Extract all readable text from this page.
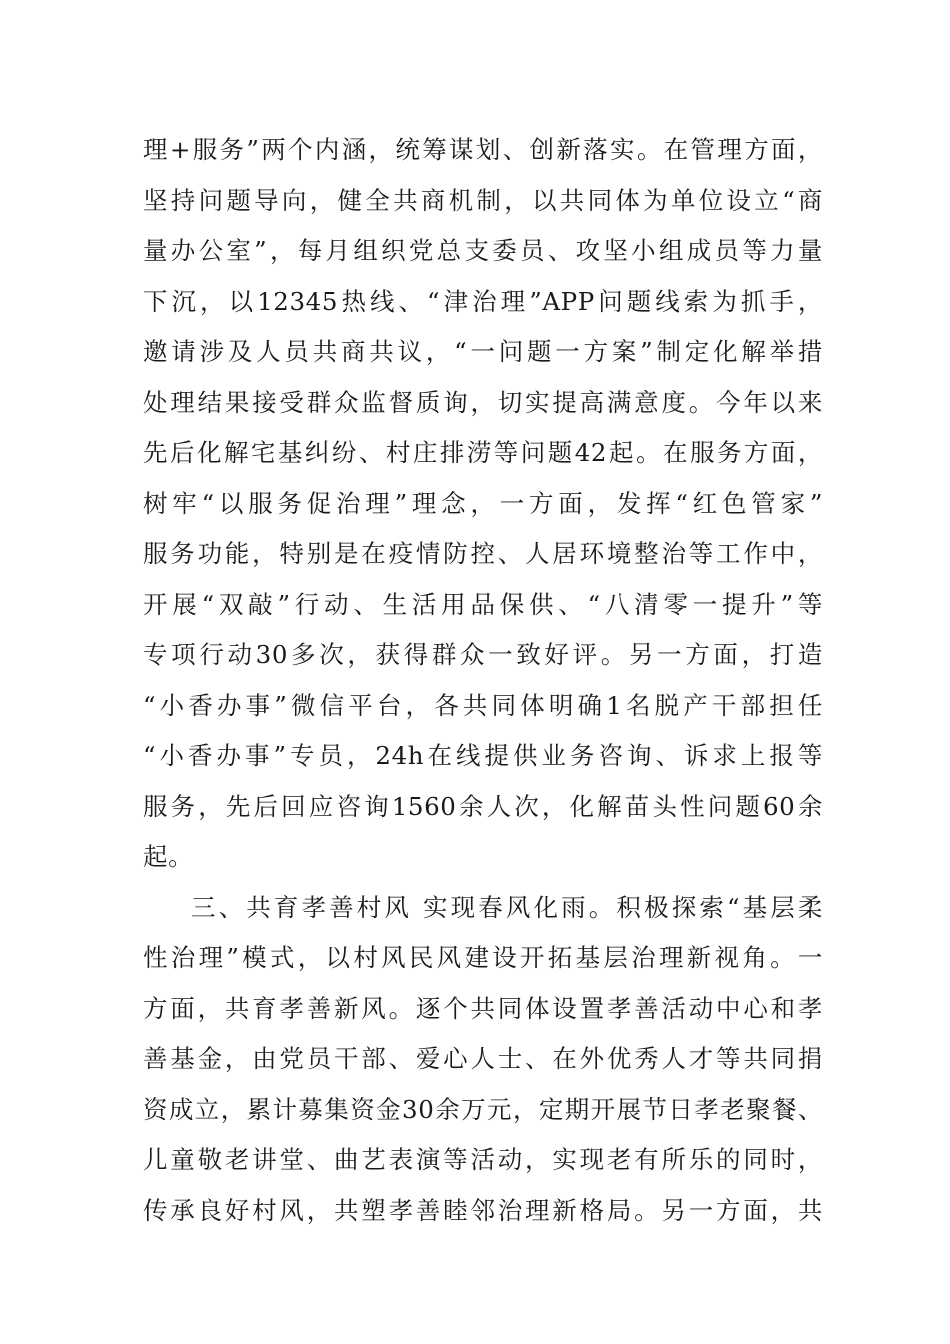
理+服务”两个内涵，统筹谋划、创新落实。在管理方面，
坚持问题导向，健全共商机制，以共同体为单位设立“商
量办公室”，每月组织党总支委员、攻坚小组成员等力量
下沉，以12345热线、“津治理”APP问题线索为抓手，
邀请涉及人员共商共议，“一问题一方案”制定化解举措
处理结果接受群众监督质询，切实提高满意度。今年以来
先后化解宅基纠纷、村庄排涝等问题42起。在服务方面，
树牢“以服务促治理”理念，一方面，发挥“红色管家”
服务功能，特别是在疫情防控、人居环境整治等工作中，
开展“双敲”行动、生活用品保供、“八清零一提升”等
专项行动30多次，获得群众一致好评。另一方面，打造
“小香办事”微信平台，各共同体明确1名脱产干部担任
“小香办事”专员，24h在线提供业务咨询、诉求上报等
服务，先后回应咨询1560余人次，化解苗头性问题60余
起。
三、共育孝善村风 实现春风化雨。积极探索“基层柔
性治理”模式，以村风民风建设开拓基层治理新视角。一
方面，共育孝善新风。逐个共同体设置孝善活动中心和孝
善基金，由党员干部、爱心人士、在外优秀人才等共同捐
资成立，累计募集资金30余万元，定期开展节日孝老聚餐、
儿童敬老讲堂、曲艺表演等活动，实现老有所乐的同时，
传承良好村风，共塑孝善睦邻治理新格局。另一方面，共
